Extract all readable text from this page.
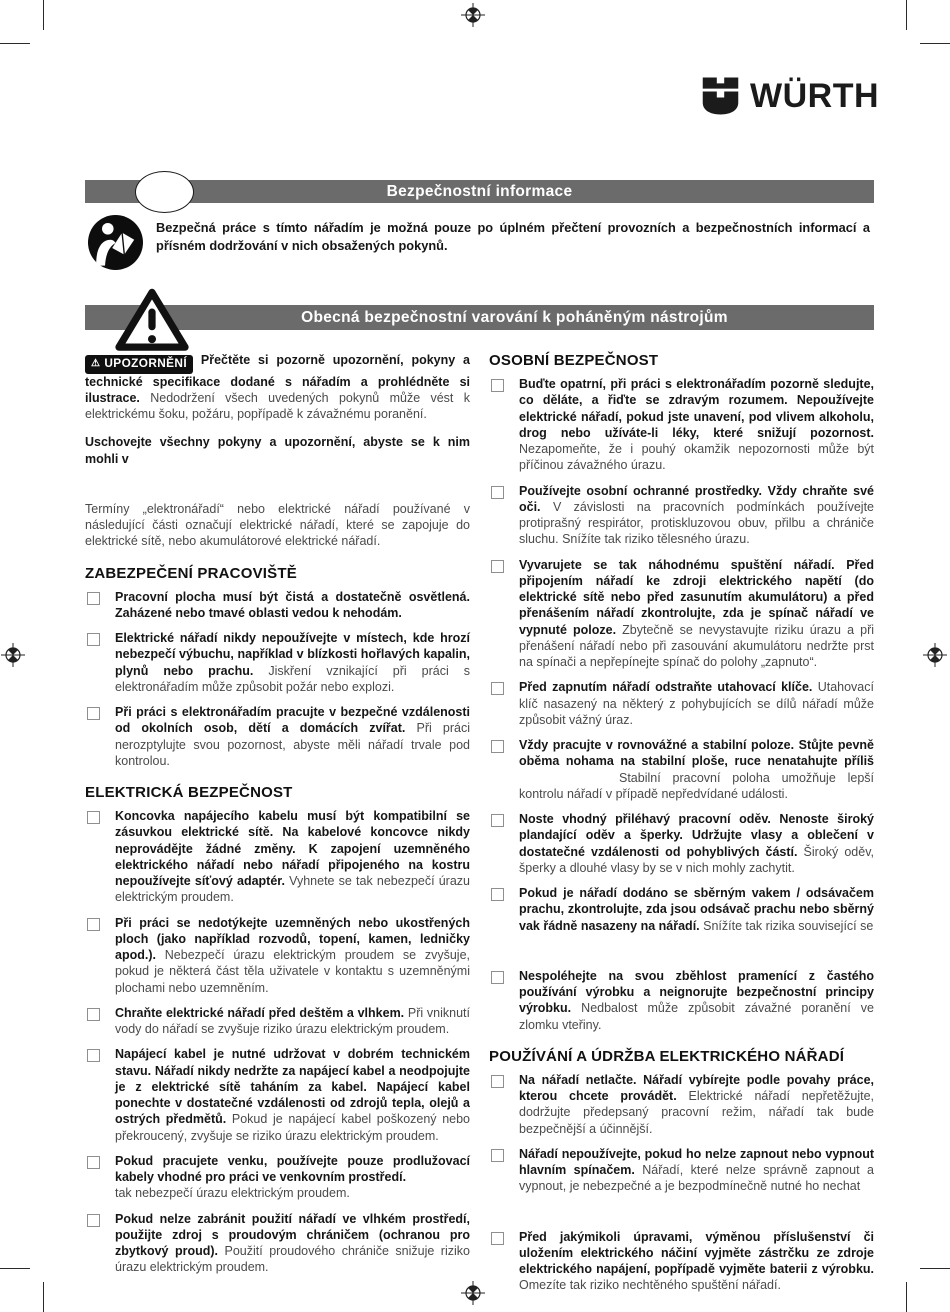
WÜRTH
Bezpečnostní informace
Bezpečná práce s tímto nářadím je možná pouze po úplném přečtení provozních a bezpečnostních informací a přísném dodržování v nich obsažených pokynů.
Obecná bezpečnostní varování k poháněným nástrojům
⚠ UPOZORNĚNÍ Přečtěte si pozorně upozornění, pokyny a technické specifikace dodané s nářadím a prohlédněte si ilustrace. Nedodržení všech uvedených pokynů může vést k elektrickému šoku, požáru, popřípadě k závažnému poranění.
Uschovejte všechny pokyny a upozornění, abyste se k nim mohli v
Termíny „elektronářadí“ nebo elektrické nářadí používané v následující části označují elektrické nářadí, které se zapojuje do elektrické sítě, nebo akumulátorové elektrické nářadí.
ZABEZPEČENÍ PRACOVIŠTĚ
Pracovní plocha musí být čistá a dostatečně osvětlená. Zaházené nebo tmavé oblasti vedou k nehodám.
Elektrické nářadí nikdy nepoužívejte v místech, kde hrozí nebezpečí výbuchu, například v blízkosti hořlavých kapalin, plynů nebo prachu. Jiskření vznikající při práci s elektronářadím může způsobit požár nebo explozi.
Při práci s elektronářadím pracujte v bezpečné vzdálenosti od okolních osob, dětí a domácích zvířat. Při práci nerozptylujte svou pozornost, abyste měli nářadí trvale pod kontrolou.
ELEKTRICKÁ BEZPEČNOST
Koncovka napájecího kabelu musí být kompatibilní se zásuvkou elektrické sítě. Na kabelové koncovce nikdy neprovádějte žádné změny. K zapojení uzemněného elektrického nářadí nebo nářadí připojeného na kostru nepoužívejte síťový adaptér. Vyhnete se tak nebezpečí úrazu elektrickým proudem.
Při práci se nedotýkejte uzemněných nebo ukostřených ploch (jako například rozvodů, topení, kamen, ledničky apod.). Nebezpečí úrazu elektrickým proudem se zvyšuje, pokud je některá část těla uživatele v kontaktu s uzemněnými plochami nebo uzemněním.
Chraňte elektrické nářadí před deštěm a vlhkem. Při vniknutí vody do nářadí se zvyšuje riziko úrazu elektrickým proudem.
Napájecí kabel je nutné udržovat v dobrém technickém stavu. Nářadí nikdy nedržte za napájecí kabel a neodpojujte je z elektrické sítě taháním za kabel. Napájecí kabel ponechte v dostatečné vzdálenosti od zdrojů tepla, olejů a ostrých předmětů. Pokud je napájecí kabel poškozený nebo překroucený, zvyšuje se riziko úrazu elektrickým proudem.
Pokud pracujete venku, používejte pouze prodlužovací kabely vhodné pro práci ve venkovním prostředí.
tak nebezpečí úrazu elektrickým proudem.
Pokud nelze zabránit použití nářadí ve vlhkém prostředí, použijte zdroj s proudovým chráničem (ochranou pro zbytkový proud). Použití proudového chrániče snižuje riziko úrazu elektrickým proudem.
OSOBNÍ BEZPEČNOST
Buďte opatrní, při práci s elektronářadím pozorně sledujte, co děláte, a řiďte se zdravým rozumem. Nepoužívejte elektrické nářadí, pokud jste unavení, pod vlivem alkoholu, drog nebo užíváte-li léky, které snižují pozornost. Nezapomeňte, že i pouhý okamžik nepozornosti může být příčinou závažného úrazu.
Používejte osobní ochranné prostředky. Vždy chraňte své oči. V závislosti na pracovních podmínkách používejte protiprašný respirátor, protiskluzovou obuv, přilbu a chrániče sluchu. Snížíte tak riziko tělesného úrazu.
Vyvarujete se tak náhodnému spuštění nářadí. Před připojením nářadí ke zdroji elektrického napětí (do elektrické sítě nebo před zasunutím akumulátoru) a před přenášením nářadí zkontrolujte, zda je spínač nářadí ve vypnuté poloze. Zbytečně se nevystavujte riziku úrazu a při přenášení nářadí nebo při zasouvání akumulátoru nedržte prst na spínači a nepřepínejte spínač do polohy „zapnuto“.
Před zapnutím nářadí odstraňte utahovací klíče. Utahovací klíč nasazený na některý z pohybujících se dílů nářadí může způsobit vážný úraz.
Vždy pracujte v rovnovážné a stabilní poloze. Stůjte pevně oběma nohama na stabilní ploše, ruce nenatahujte příliš Stabilní pracovní poloha umožňuje lepší kontrolu nářadí v případě nepředvídané události.
Noste vhodný přiléhavý pracovní oděv. Nenoste široký plandající oděv a šperky. Udržujte vlasy a oblečení v dostatečné vzdálenosti od pohyblivých částí. Široký oděv, šperky a dlouhé vlasy by se v nich mohly zachytit.
Pokud je nářadí dodáno se sběrným vakem / odsávačem prachu, zkontrolujte, zda jsou odsávač prachu nebo sběrný vak řádně nasazeny na nářadí. Snížíte tak rizika související se
Nespoléhejte na svou zběhlost pramenící z častého používání výrobku a neignorujte bezpečnostní principy výrobku. Nedbalost může způsobit závažné poranění ve zlomku vteřiny.
POUŽÍVÁNÍ A ÚDRŽBA ELEKTRICKÉHO NÁŘADÍ
Na nářadí netlačte. Nářadí vybírejte podle povahy práce, kterou chcete provádět. Elektrické nářadí nepřetěžujte, dodržujte předepsaný pracovní režim, nářadí tak bude bezpečnější a účinnější.
Nářadí nepoužívejte, pokud ho nelze zapnout nebo vypnout hlavním spínačem. Nářadí, které nelze správně zapnout a vypnout, je nebezpečné a je bezpodmínečně nutné ho nechat
Před jakýmikoli úpravami, výměnou příslušenství či uložením elektrického náčiní vyjměte zástrčku ze zdroje elektrického napájení, popřípadě vyjměte baterii z výrobku. Omezíte tak riziko nechtěného spuštění nářadí.
